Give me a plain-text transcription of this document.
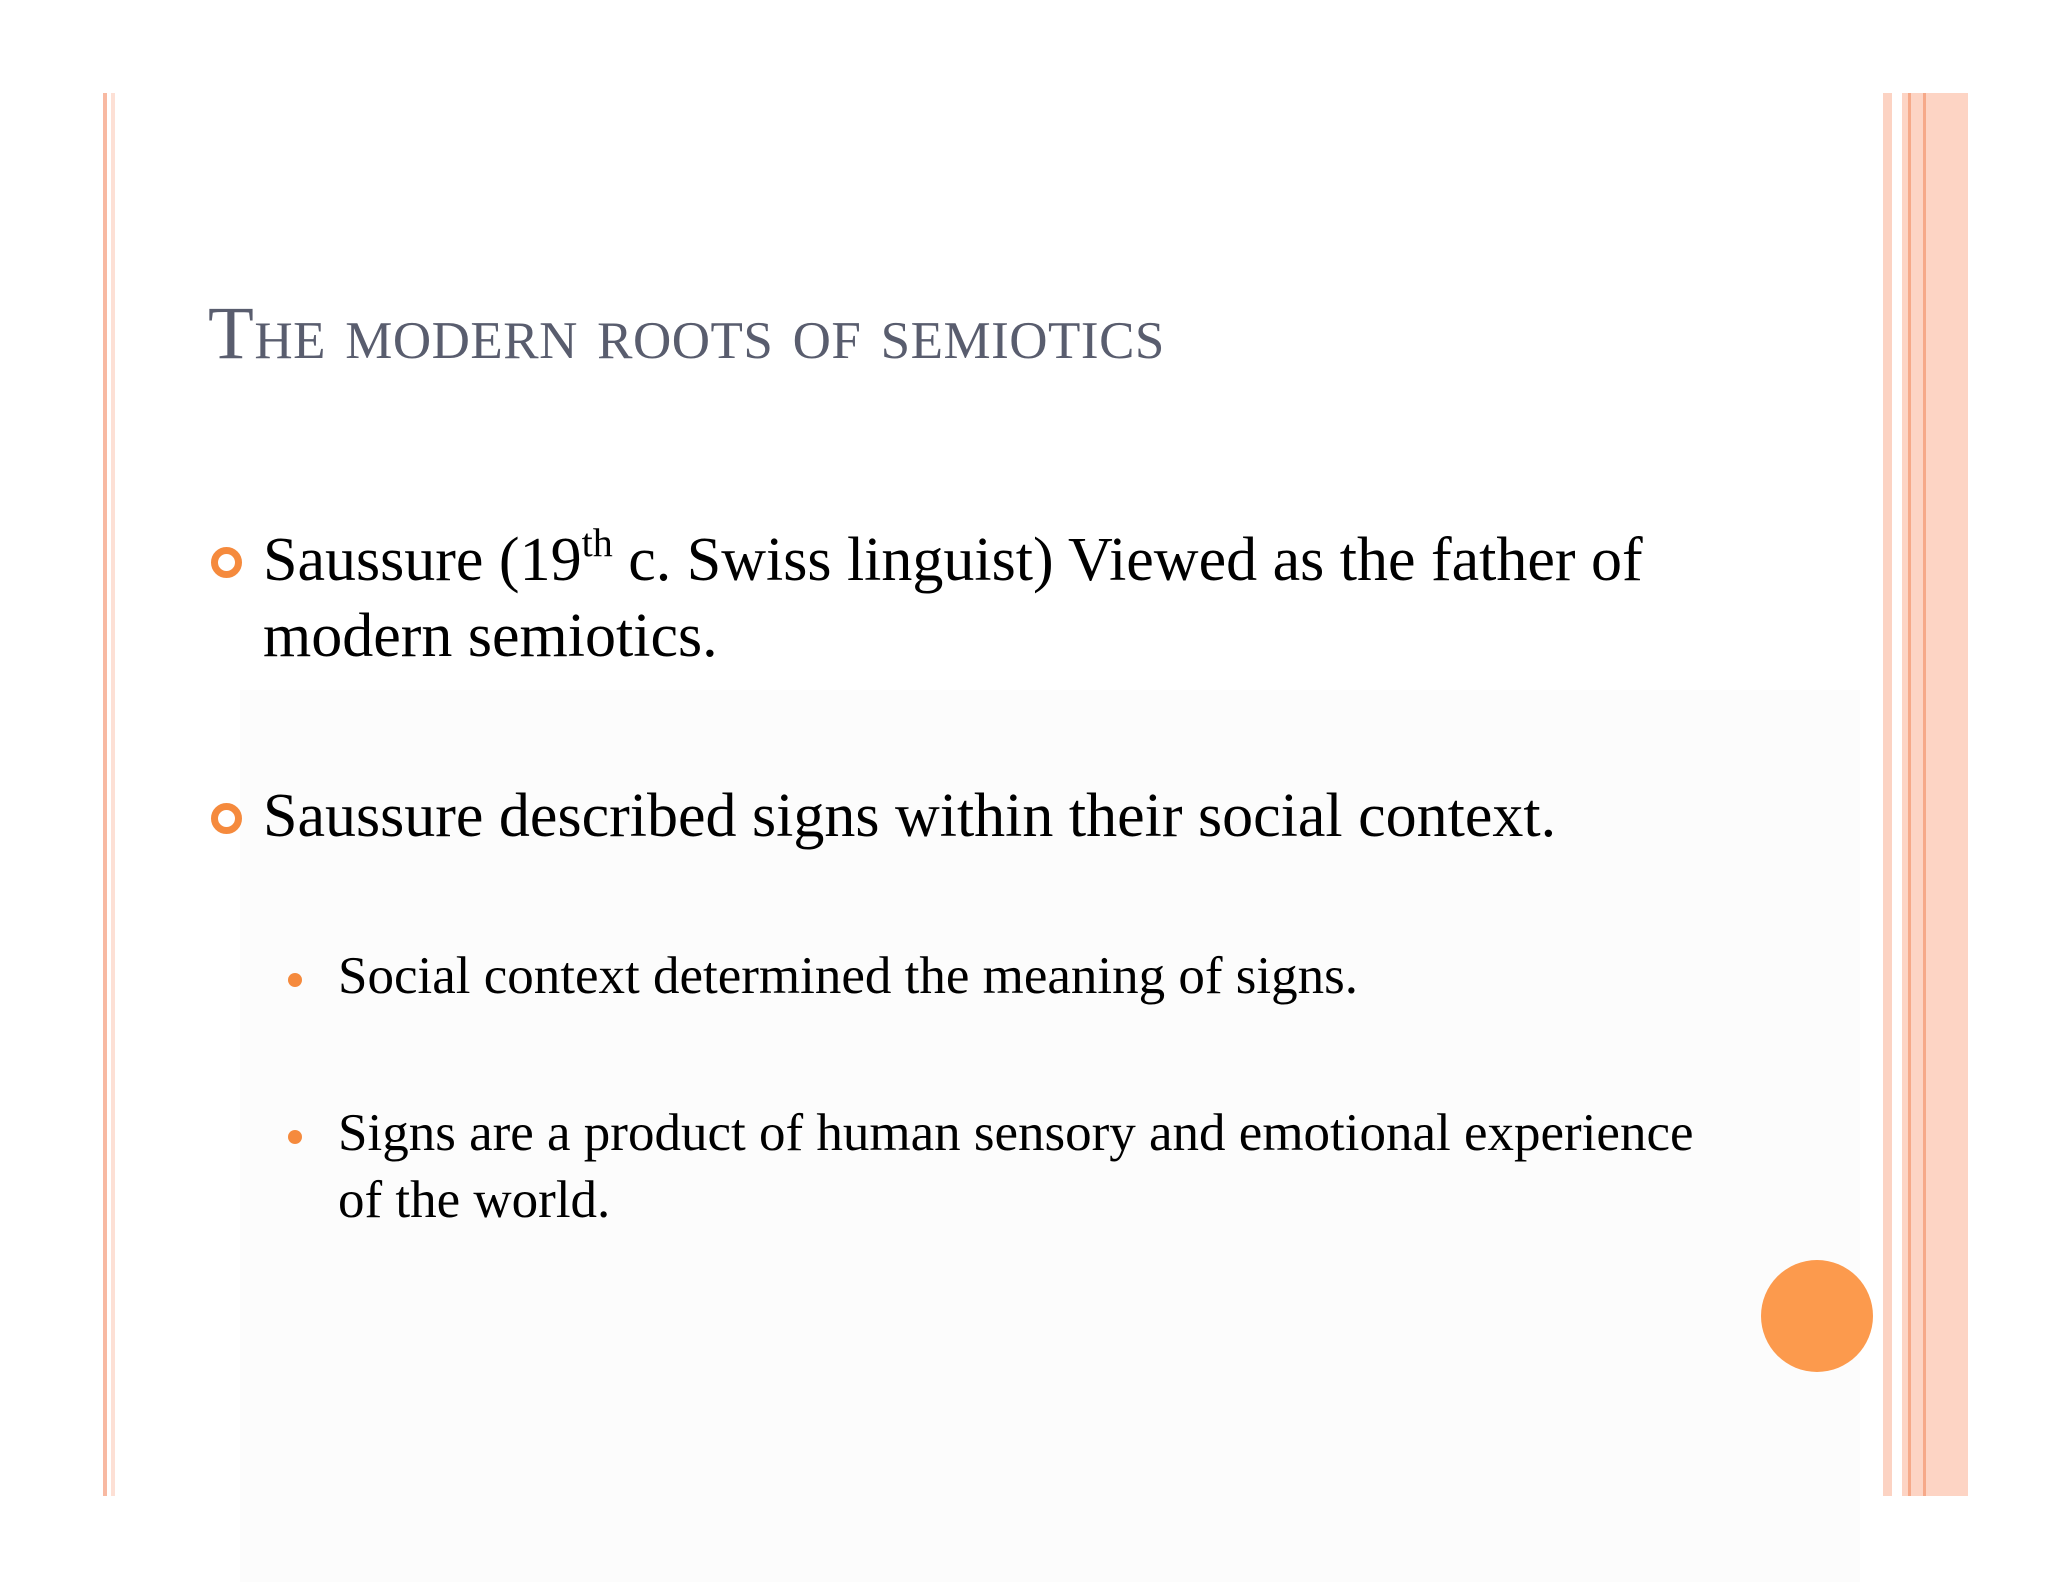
The modern roots of semiotics
Saussure (19th c. Swiss linguist) Viewed as the father of modern semiotics.
Saussure described signs within their social context.
Social context determined the meaning of signs.
Signs are a product of human sensory and emotional experience of the world.
